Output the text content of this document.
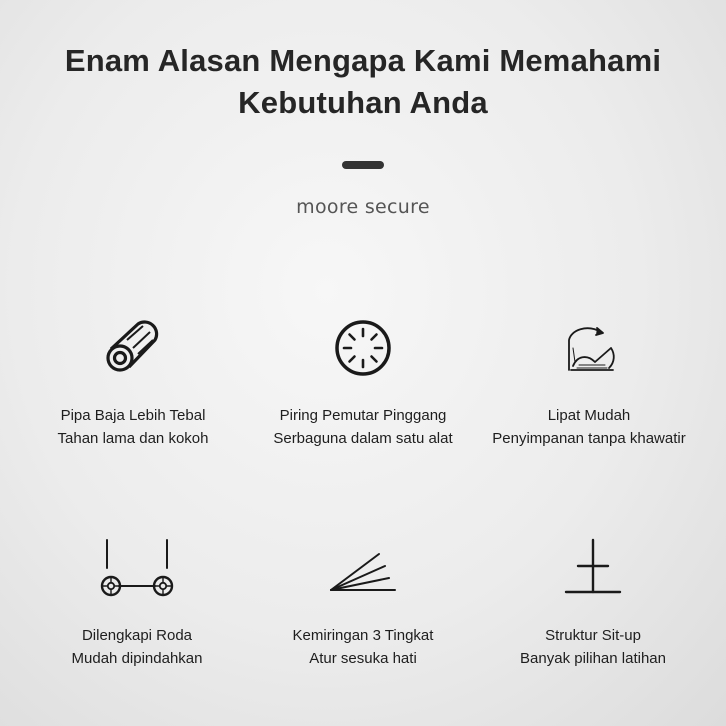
Enam Alasan Mengapa Kami Memahami
Kebutuhan Anda
moore secure
Pipa Baja Lebih Tebal
Tahan lama dan kokoh
Piring Pemutar Pinggang
Serbaguna dalam satu alat
Lipat Mudah
Penyimpanan tanpa khawatir
Dilengkapi Roda
Mudah dipindahkan
Kemiringan 3 Tingkat
Atur sesuka hati
Struktur Sit-up
Banyak pilihan latihan
